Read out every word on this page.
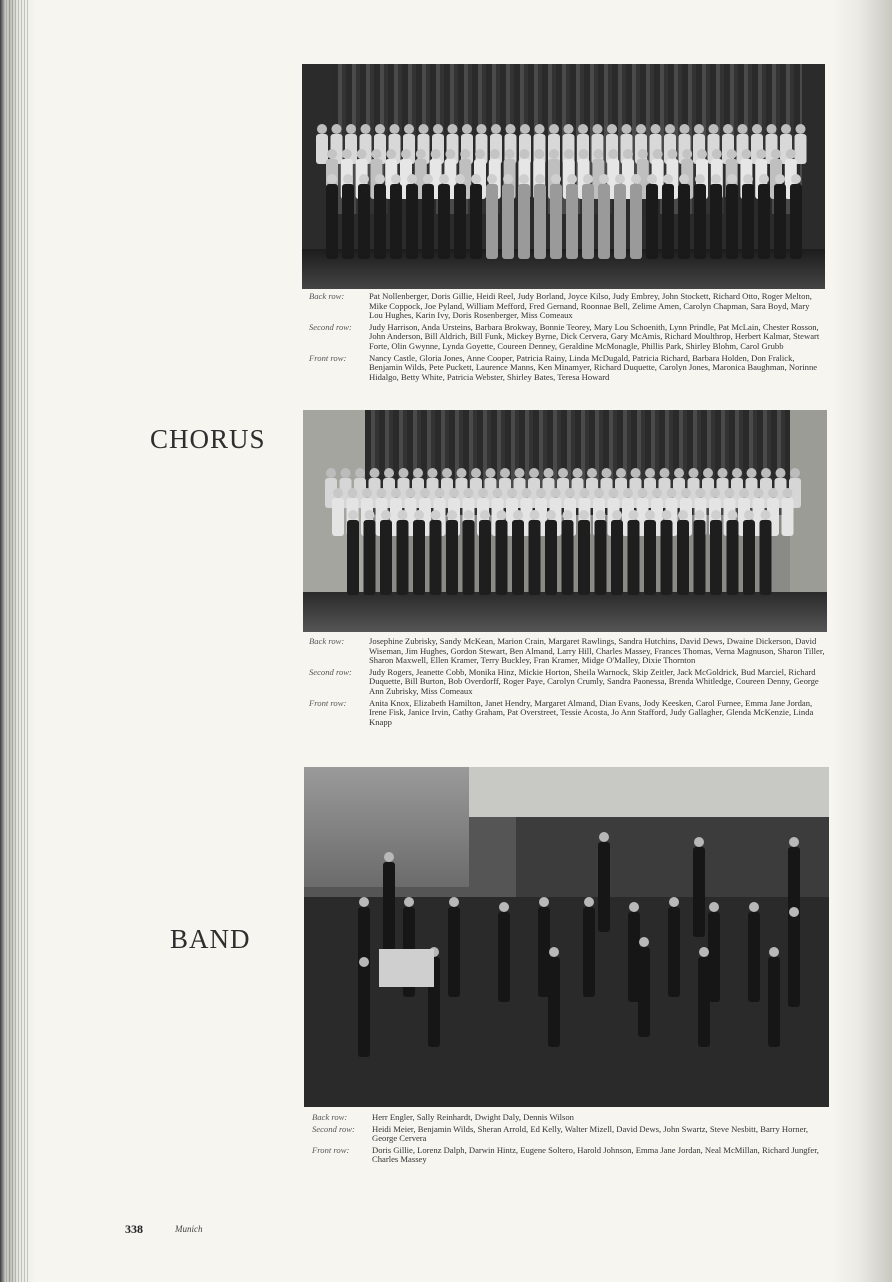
Back row:	Pat Nollenberger, Doris Gillie, Heidi Reel, Judy Borland, Joyce Kilso, Judy Embrey, John Stockett, Richard Otto, Roger Melton, Mike Coppock, Joe Pyland, William Mefford, Fred Gernand, Roonnae Bell, Zelime Amen, Carolyn Chapman, Sara Boyd, Mary Lou Hughes, Karin Ivy, Doris Rosenberger, Miss Comeaux
Second row:	Judy Harrison, Anda Ursteins, Barbara Brokway, Bonnie Teorey, Mary Lou Schoenith, Lynn Prindle, Pat McLain, Chester Rosson, John Anderson, Bill Aldrich, Bill Funk, Mickey Byrne, Dick Cervera, Gary McAmis, Richard Moulthrop, Herbert Kalmar, Stewart Forte, Olin Gwynne, Lynda Goyette, Coureen Denney, Geraldine McMonagle, Phillis Park, Shirley Blohm, Carol Grubb
Front row:	Nancy Castle, Gloria Jones, Anne Cooper, Patricia Rainy, Linda McDugald, Patricia Richard, Barbara Holden, Don Fralick, Benjamin Wilds, Pete Puckett, Laurence Manns, Ken Minamyer, Richard Duquette, Carolyn Jones, Maronica Baughman, Norinne Hidalgo, Betty White, Patricia Webster, Shirley Bates, Teresa Howard
CHORUS
Back row:	Josephine Zubrisky, Sandy McKean, Marion Crain, Margaret Rawlings, Sandra Hutchins, David Dews, Dwaine Dickerson, David Wiseman, Jim Hughes, Gordon Stewart, Ben Almand, Larry Hill, Charles Massey, Frances Thomas, Verna Magnuson, Sharon Tiller, Sharon Maxwell, Ellen Kramer, Terry Buckley, Fran Kramer, Midge O'Malley, Dixie Thornton
Second row:	Judy Rogers, Jeanette Cobb, Monika Hinz, Mickie Horton, Sheila Warnock, Skip Zeitler, Jack McGoldrick, Bud Marciel, Richard Duquette, Bill Burton, Bob Overdorff, Roger Paye, Carolyn Crumly, Sandra Paonessa, Brenda Whitledge, Coureen Denny, George Ann Zubrisky, Miss Comeaux
Front row:	Anita Knox, Elizabeth Hamilton, Janet Hendry, Margaret Almand, Dian Evans, Jody Keesken, Carol Furnee, Emma Jane Jordan, Irene Fisk, Janice Irvin, Cathy Graham, Pat Overstreet, Tessie Acosta, Jo Ann Stafford, Judy Gallagher, Glenda McKenzie, Linda Knapp
BAND
Back row:	Herr Engler, Sally Reinhardt, Dwight Daly, Dennis Wilson
Second row:	Heidi Meier, Benjamin Wilds, Sheran Arrold, Ed Kelly, Walter Mizell, David Dews, John Swartz, Steve Nesbitt, Barry Horner, George Cervera
Front row:	Doris Gillie, Lorenz Dalph, Darwin Hintz, Eugene Soltero, Harold Johnson, Emma Jane Jordan, Neal McMillan, Richard Jungfer, Charles Massey
338	Munich
